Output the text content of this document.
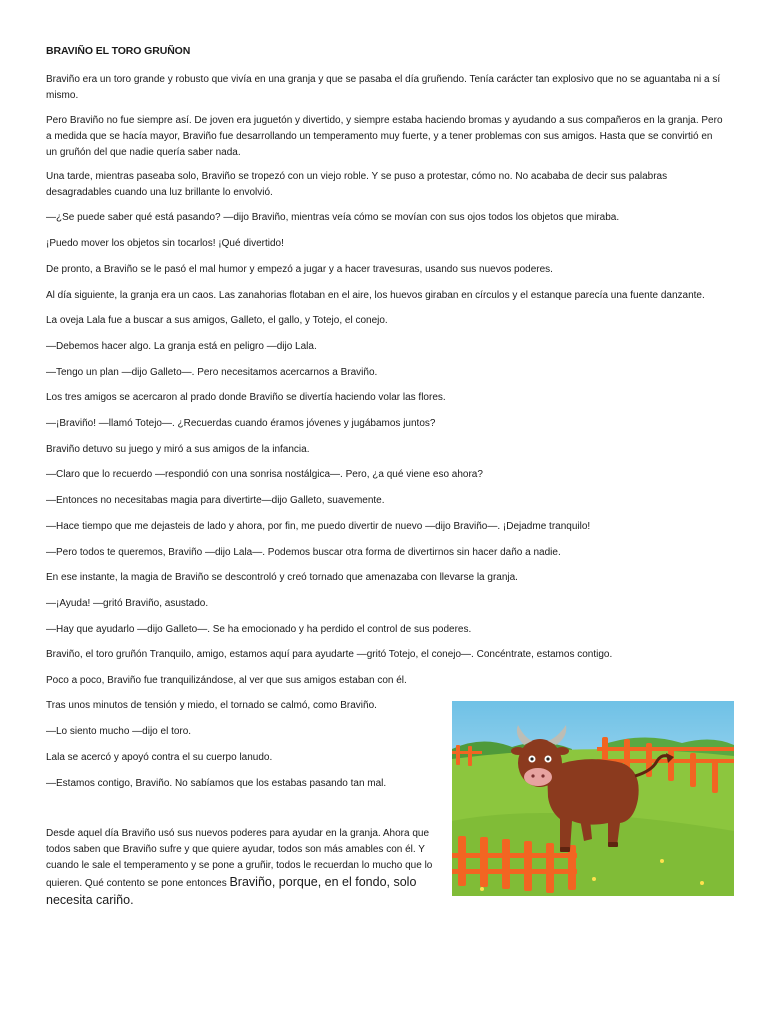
BRAVIÑO EL TORO GRUÑON

Braviño era un toro grande y robusto que vivía en una granja y que se pasaba el día gruñendo. Tenía carácter tan explosivo que no se aguantaba ni a sí mismo.

Pero Braviño no fue siempre así. De joven era juguetón y divertido, y siempre estaba haciendo bromas y ayudando a sus compañeros en la granja. Pero a medida que se hacía mayor, Braviño fue desarrollando un temperamento muy fuerte, y a tener problemas con sus amigos. Hasta que se convirtió en un gruñón del que nadie quería saber nada.

Una tarde, mientras paseaba solo, Braviño se tropezó con un viejo roble. Y se puso a protestar, cómo no. No acababa de decir sus palabras desagradables cuando una luz brillante lo envolvió.

—¿Se puede saber qué está pasando? —dijo Braviño, mientras veía cómo se movían con sus ojos todos los objetos que miraba.

¡Puedo mover los objetos sin tocarlos! ¡Qué divertido!

De pronto, a Braviño se le pasó el mal humor y empezó a jugar y a hacer travesuras, usando sus nuevos poderes.

Al día siguiente, la granja era un caos. Las zanahorias flotaban en el aire, los huevos giraban en círculos y el estanque parecía una fuente danzante.

La oveja Lala fue a buscar a sus amigos, Galleto, el gallo, y Totejo, el conejo.

—Debemos hacer algo. La granja está en peligro —dijo Lala.

—Tengo un plan —dijo Galleto—. Pero necesitamos acercarnos a Braviño.

Los tres amigos se acercaron al prado donde Braviño se divertía haciendo volar las flores.

—¡Braviño! —llamó Totejo—. ¿Recuerdas cuando éramos jóvenes y jugábamos juntos?

Braviño detuvo su juego y miró a sus amigos de la infancia.

—Claro que lo recuerdo —respondió con una sonrisa nostálgica—. Pero, ¿a qué viene eso ahora?

—Entonces no necesitabas magia para divertirte—dijo Galleto, suavemente.

—Hace tiempo que me dejasteis de lado y ahora, por fin, me puedo divertir de nuevo —dijo Braviño—. ¡Dejadme tranquilo!

—Pero todos te queremos, Braviño —dijo Lala—. Podemos buscar otra forma de divertirnos sin hacer daño a nadie.

En ese instante, la magia de Braviño se descontroló y creó tornado que amenazaba con llevarse la granja.

—¡Ayuda! —gritó Braviño, asustado.

—Hay que ayudarlo —dijo Galleto—. Se ha emocionado y ha perdido el control de sus poderes.

Braviño, el toro gruñón Tranquilo, amigo, estamos aquí para ayudarte —gritó Totejo, el conejo—. Concéntrate, estamos contigo.

Poco a poco, Braviño fue tranquilizándose, al ver que sus amigos estaban con él.

Tras unos minutos de tensión y miedo, el tornado se calmó, como Braviño.

—Lo siento mucho —dijo el toro.

Lala se acercó y apoyó contra el su cuerpo lanudo.

—Estamos contigo, Braviño. No sabíamos que los estabas pasando tan mal.

Desde aquel día Braviño usó sus nuevos poderes para ayudar en la granja. Ahora que todos saben que Braviño sufre y que quiere ayudar, todos son más amables con él. Y cuando le sale el temperamento y se pone a gruñir, todos le recuerdan lo mucho que lo quieren. Qué contento se pone entonces Braviño, porque, en el fondo, solo necesita cariño.
